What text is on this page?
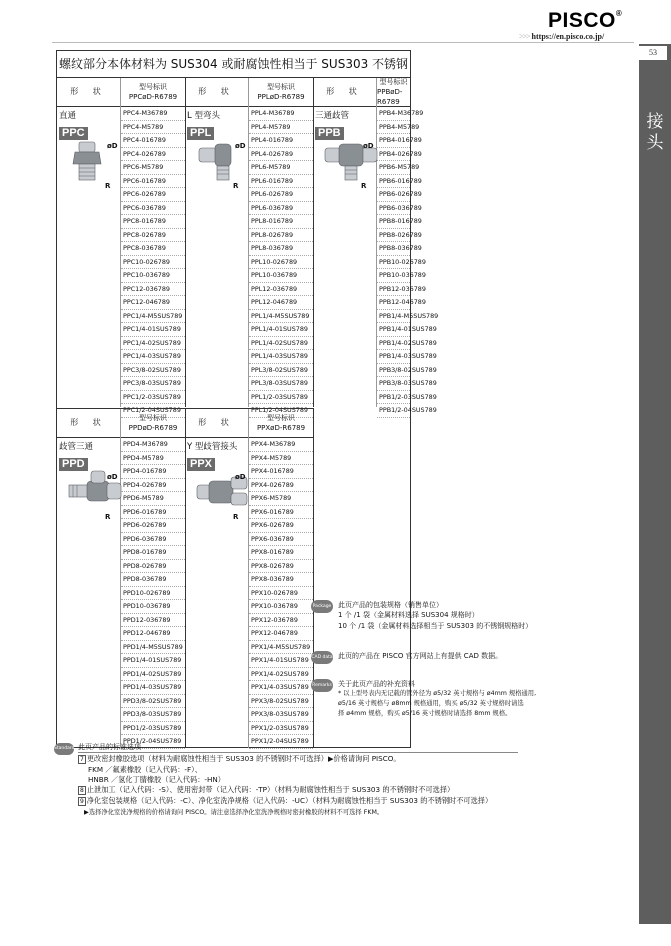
PISCO®
>>> https://en.pisco.co.jp/
53
接头
螺纹部分本体材料为 SUS304 或耐腐蚀性相当于 SUS303 不锈钢
形 状
直通
PPC
øD
R
型号标识
PPCøD-R6789
PPC4-M36789
PPC4-M5789
PPC4-016789
PPC4-026789
PPC6-M5789
PPC6-016789
PPC6-026789
PPC6-036789
PPC8-016789
PPC8-026789
PPC8-036789
PPC10-026789
PPC10-036789
PPC12-036789
PPC12-046789
PPC1/4-M5SUS789
PPC1/4-01SUS789
PPC1/4-02SUS789
PPC1/4-03SUS789
PPC3/8-02SUS789
PPC3/8-03SUS789
PPC1/2-03SUS789
PPC1/2-04SUS789
形 状
L 型弯头
PPL
øD
R
型号标识
PPLøD-R6789
PPL4-M36789
PPL4-M5789
PPL4-016789
PPL4-026789
PPL6-M5789
PPL6-016789
PPL6-026789
PPL6-036789
PPL8-016789
PPL8-026789
PPL8-036789
PPL10-026789
PPL10-036789
PPL12-036789
PPL12-046789
PPL1/4-M5SUS789
PPL1/4-01SUS789
PPL1/4-02SUS789
PPL1/4-03SUS789
PPL3/8-02SUS789
PPL3/8-03SUS789
PPL1/2-03SUS789
PPL1/2-04SUS789
形 状
三通歧管
PPB
øD
R
型号标识
PPBøD-R6789
PPB4-M36789
PPB4-M5789
PPB4-016789
PPB4-026789
PPB6-M5789
PPB6-016789
PPB6-026789
PPB6-036789
PPB8-016789
PPB8-026789
PPB8-036789
PPB10-026789
PPB10-036789
PPB12-036789
PPB12-046789
PPB1/4-M5SUS789
PPB1/4-01SUS789
PPB1/4-02SUS789
PPB1/4-03SUS789
PPB3/8-02SUS789
PPB3/8-03SUS789
PPB1/2-03SUS789
PPB1/2-04SUS789
形 状
歧管三通
PPD
øD
R
型号标识
PPDøD-R6789
PPD4-M36789
PPD4-M5789
PPD4-016789
PPD4-026789
PPD6-M5789
PPD6-016789
PPD6-026789
PPD6-036789
PPD8-016789
PPD8-026789
PPD8-036789
PPD10-026789
PPD10-036789
PPD12-036789
PPD12-046789
PPD1/4-M5SUS789
PPD1/4-01SUS789
PPD1/4-02SUS789
PPD1/4-03SUS789
PPD3/8-02SUS789
PPD3/8-03SUS789
PPD1/2-03SUS789
PPD1/2-04SUS789
形 状
Y 型歧管接头
PPX
øD
R
型号标识
PPXøD-R6789
PPX4-M36789
PPX4-M5789
PPX4-016789
PPX4-026789
PPX6-M5789
PPX6-016789
PPX6-026789
PPX6-036789
PPX8-016789
PPX8-026789
PPX8-036789
PPX10-026789
PPX10-036789
PPX12-036789
PPX12-046789
PPX1/4-M5SUS789
PPX1/4-01SUS789
PPX1/4-02SUS789
PPX1/4-03SUS789
PPX3/8-02SUS789
PPX3/8-03SUS789
PPX1/2-03SUS789
PPX1/2-04SUS789
Package 此页产品的包装规格（销售单位）
1 个 /1 袋（金属材料选择 SUS304 规格时）
10 个 /1 袋（金属材料选择相当于 SUS303 的不锈钢规格时）
CAD data 此页的产品在 PISCO 官方网站上有提供 CAD 数据。
Remarks 关于此页产品的补充资料
* 以上型号表内无记载的管外径为 ø5/32 英寸规格与 ø4mm 规格通用,
ø5/16 英寸规格与 ø8mm 规格通用，购买 ø5/32 英寸规格时请选
择 ø4mm 规格，购买 ø5/16 英寸规格时请选择 8mm 规格。
Standard 此页产品的标准选项
7 更改密封橡胶选项（材料为耐腐蚀性相当于 SUS303 的不锈钢时不可选择）▶价格请询问 PISCO。
FKM ／氟素橡胶（记入代码：-F）、
HNBR ／氢化丁腈橡胶（记入代码：-HN）
8 止泄加工（记入代码：-S）、使用密封带（记入代码：-TP）（材料为耐腐蚀性相当于 SUS303 的不锈钢时不可选择）
9 净化室包装规格（记入代码：-C）、净化室洗净规格（记入代码：-UC）（材料为耐腐蚀性相当于 SUS303 的不锈钢时不可选择）
▶选择净化室洗净规格的价格请询问 PISCO。请注意选择净化室洗净规格时密封橡胶的材料不可选择 FKM。
